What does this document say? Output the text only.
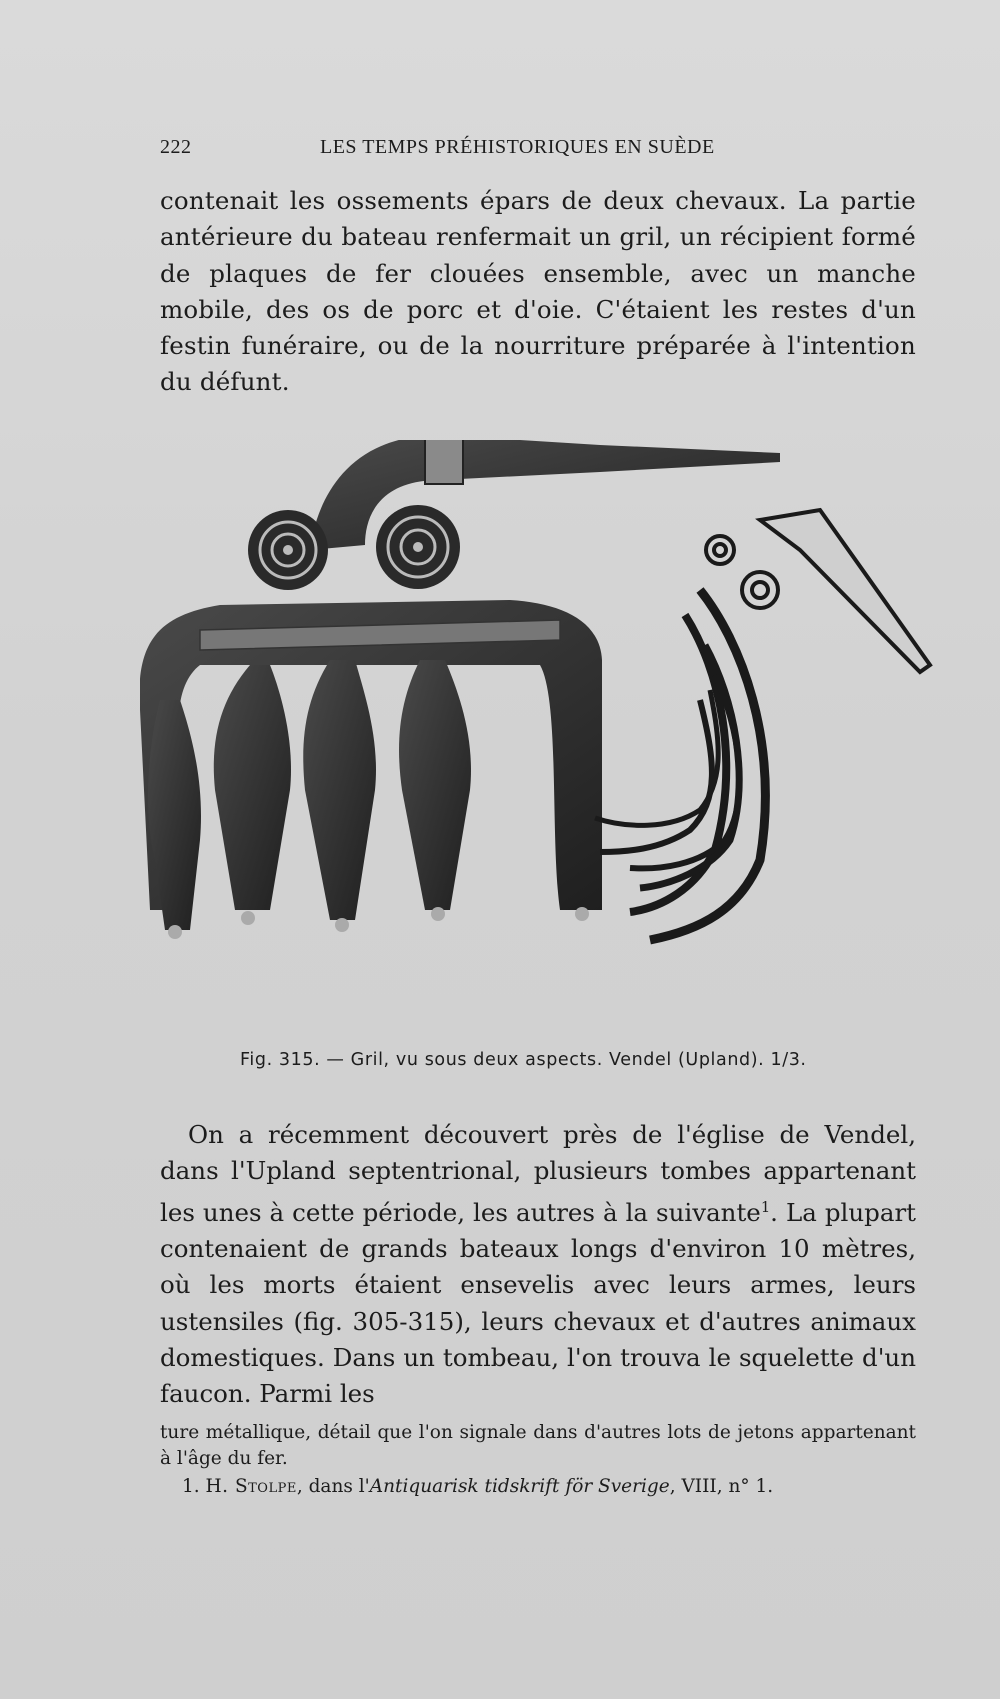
222	LES TEMPS PRÉHISTORIQUES EN SUÈDE
contenait les ossements épars de deux chevaux. La partie antérieure du bateau renfermait un gril, un récipient formé de plaques de fer clouées ensemble, avec un manche mobile, des os de porc et d'oie. C'étaient les restes d'un festin funéraire, ou de la nourriture préparée à l'intention du défunt.
Fig. 315. — Gril, vu sous deux aspects. Vendel (Upland). 1/3.
On a récemment découvert près de l'église de Vendel, dans l'Upland septentrional, plusieurs tombes appartenant les unes à cette période, les autres à la suivante$^1$. La plupart contenaient de grands bateaux longs d'environ 10 mètres, où les morts étaient ensevelis avec leurs armes, leurs ustensiles (fig. 305-315), leurs chevaux et d'autres animaux domestiques. Dans un tombeau, l'on trouva le squelette d'un faucon. Parmi les

ture métallique, détail que l'on signale dans d'autres lots de jetons appartenant à l'âge du fer.

1. H. Stolpe, dans l'Antiquarisk tidskrift för Sverige, VIII, n° 1.
